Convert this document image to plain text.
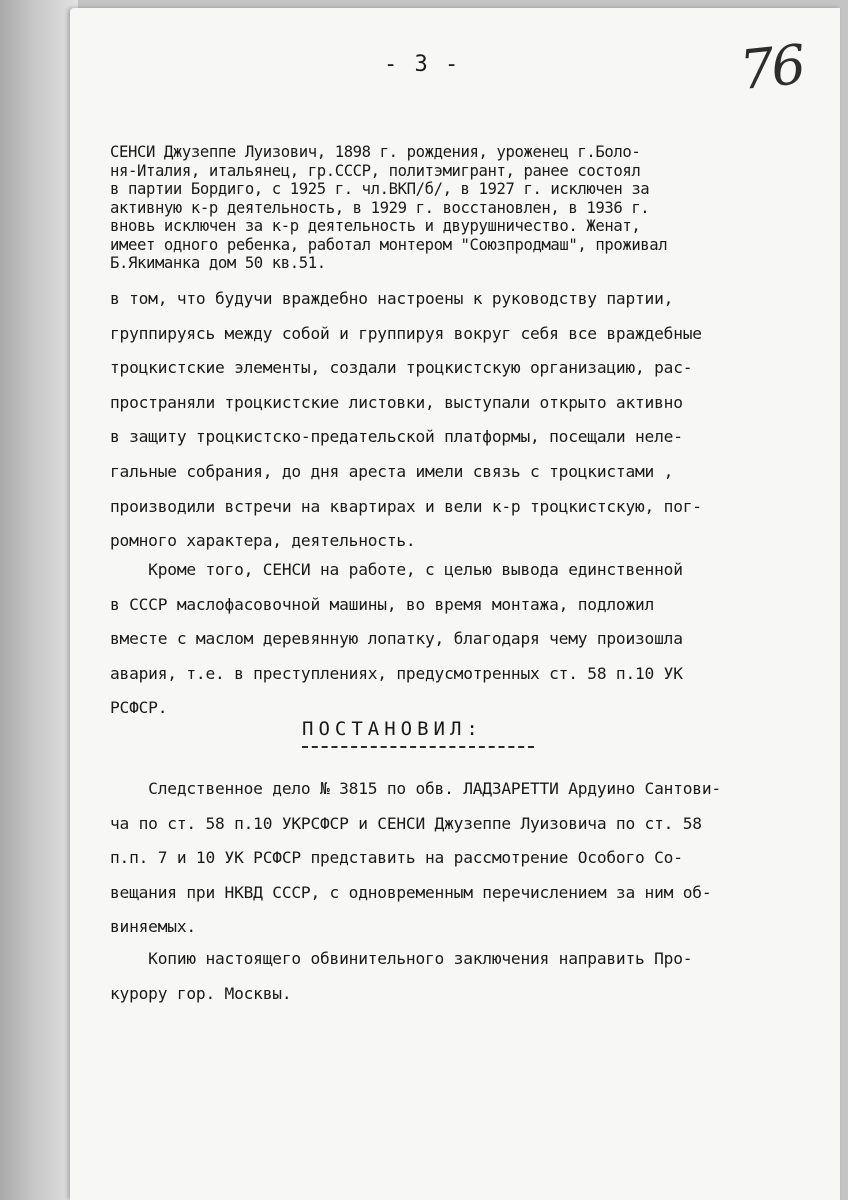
- 3 -	76
СЕНСИ Джузеппе Луизович, 1898 г. рождения, уроженец г.Боло-
ня-Италия, итальянец, гр.СССР, политэмигрант, ранее состоял
в партии Бордиго, с 1925 г. чл.ВКП/б/, в 1927 г. исключен за
активную к-р деятельность, в 1929 г. восстановлен, в 1936 г.
вновь исключен за к-р деятельность и двурушничество. Женат,
имеет одного ребенка, работал монтером "Союзпродмаш", проживал
Б.Якиманка дом 50 кв.51.
в том, что будучи враждебно настроены к руководству партии,
группируясь между собой и группируя вокруг себя все враждебные
троцкистские элементы, создали троцкистскую организацию, рас-
пространяли троцкистские листовки, выступали открыто активно
в защиту троцкистско-предательской платформы, посещали неле-
гальные собрания, до дня ареста имели связь с троцкистами ,
производили встречи на квартирах и вели к-р троцкистскую, пог-
ромного характера, деятельность.
Кроме того, СЕНСИ на работе, с целью вывода единственной
в СССР маслофасовочной машины, во время монтажа, подложил
вместе с маслом деревянную лопатку, благодаря чему произошла
авария, т.е. в преступлениях, предусмотренных ст. 58 п.10 УК
РСФСР.
ПОСТАНОВИЛ:
Следственное дело № 3815 по обв. ЛАДЗАРЕТТИ Ардуино Сантови-
ча по ст. 58 п.10 УКРСФСР и СЕНСИ Джузеппе Луизовича по ст. 58
п.п. 7 и 10 УК РСФСР представить на рассмотрение Особого Со-
вещания при НКВД СССР, с одновременным перечислением за ним об-
виняемых.
Копию настоящего обвинительного заключения направить Про-
курору гор. Москвы.
